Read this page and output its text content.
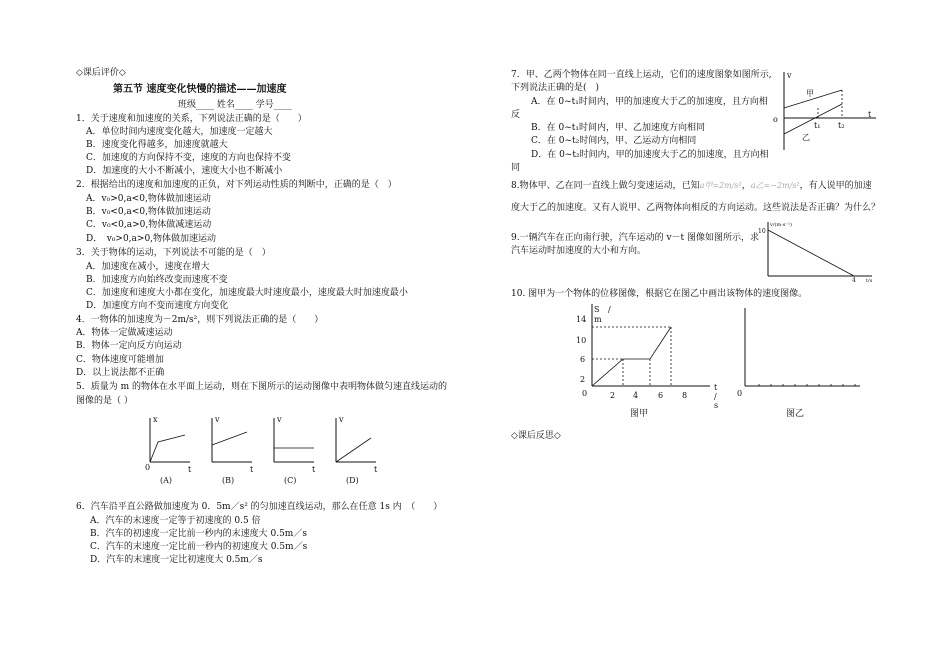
◇课后评价◇
第五节 速度变化快慢的描述——加速度
班级____ 姓名____ 学号____
1．关于速度和加速度的关系，下列说法正确的是（　　）
A．单位时间内速度变化越大，加速度一定越大
B．速度变化得越多，加速度就越大
C．加速度的方向保持不变，速度的方向也保持不变
D．加速度的大小不断减小，速度大小也不断减小
2．根据给出的速度和加速度的正负，对下列运动性质的判断中，正确的是（　）
A．v₀>0,a<0,物体做加速运动
B．v₀<0,a<0,物体做加速运动
C．v₀<0,a>0,物体做减速运动
D．　v₀>0,a>0,物体做加速运动
3．关于物体的运动，下列说法不可能的是（　）
A．加速度在减小，速度在增大
B．加速度方向始终改变而速度不变
C．加速度和速度大小都在变化，加速度最大时速度最小，速度最大时加速度最小
D．加速度方向不变而速度方向变化
4．一物体的加速度为－2m/s²，则下列说法正确的是（　　）
A．物体一定做减速运动
B．物体一定向反方向运动
C．物体速度可能增加
D．以上说法都不正确
5．质量为 m 的物体在水平面上运动，则在下图所示的运动图像中表明物体做匀速直线运动的
图像的是（ ）
x
0	t
(A)
v
t
(B)
v
t
(C)
v
t
(D)
6．汽车沿平直公路做加速度为 0．5m／s² 的匀加速直线运动，那么在任意 1s 内　（　　）
A．汽车的末速度一定等于初速度的 0.5 倍
B．汽车的初速度一定比前一秒内的末速度大 0.5m／s
C．汽车的末速度一定比前一秒内的初速度大 0.5m／s
D．汽车的末速度一定比初速度大 0.5m／s
7．甲、乙两个物体在同一直线上运动，它们的速度图象如图所示,
下列说法正确的是(　)
A．在 0~t₁时间内，甲的加速度大于乙的加速度，且方向相
反
B．在 0~t₁时间内，甲、乙加速度方向相同
C．在 0~t₂时间内，甲、乙运动方向相同
D．在 0~t₂时间内，甲的加速度大于乙的加速度，且方向相
同
v
甲
乙
o
t₁ t₂
t
8.物体甲、乙在同一直线上做匀变速运动，已知a甲=2m/s²，a乙=−2m/s²，有人说甲的加速
度大于乙的加速度。又有人说甲、乙两物体向相反的方向运动。这些说法是否正确？为什么？
9.一辆汽车在正向南行驶，汽车运动的 v－t 图像如图所示，求
汽车运动时加速度的大小和方向。
v/(m·s⁻¹)
10
4 t/s
10. 图甲为一个物体的位移图像，根据它在图乙中画出该物体的速度图像。
S /
m
14
10
6
2
0	2 4 6 8
t
/
s
0
图甲	图乙
◇课后反思◇
